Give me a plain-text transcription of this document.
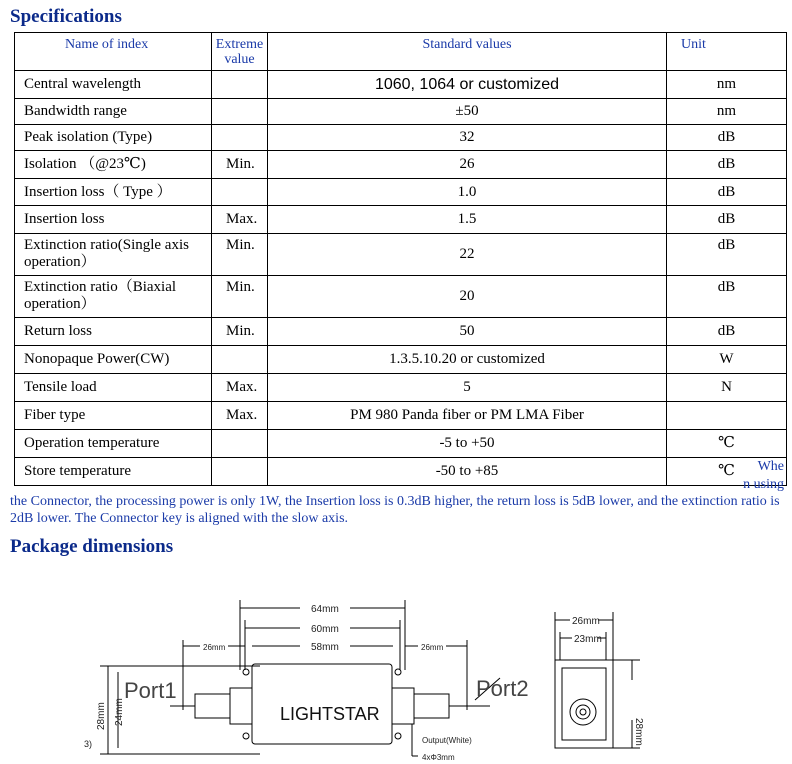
Specifications
Name of index	Extreme value	Standard values	Unit
Central wavelength		1060, 1064 or customized	nm
Bandwidth range		±50	nm
Peak isolation (Type)		32	dB
Isolation （@23℃)	Min.	26	dB
Insertion loss（ Type ）		1.0	dB
Insertion loss	Max.	1.5	dB
Extinction ratio(Single axis operation）	Min.	22	dB
Extinction ratio（Biaxial operation）	Min.	20	dB
Return loss	Min.	50	dB
Nonopaque Power(CW)		1.3.5.10.20 or customized	W
Tensile load	Max.	5	N
Fiber type	Max.	PM 980 Panda fiber or PM LMA Fiber	
Operation temperature		-5 to +50	℃
Store temperature		-50 to +85	℃ Whe
n using

the Connector, the processing power is only 1W, the Insertion loss is 0.3dB higher, the return loss is 5dB lower, and the extinction ratio is 2dB lower. The Connector key is aligned with the slow axis.

Package dimensions
64mm
60mm
58mm
26mm	26mm
26mm
23mm
28mm 24mm
28mm
3)	Output(White)
4xΦ3mm
Port1	Port2
LIGHTSTAR
